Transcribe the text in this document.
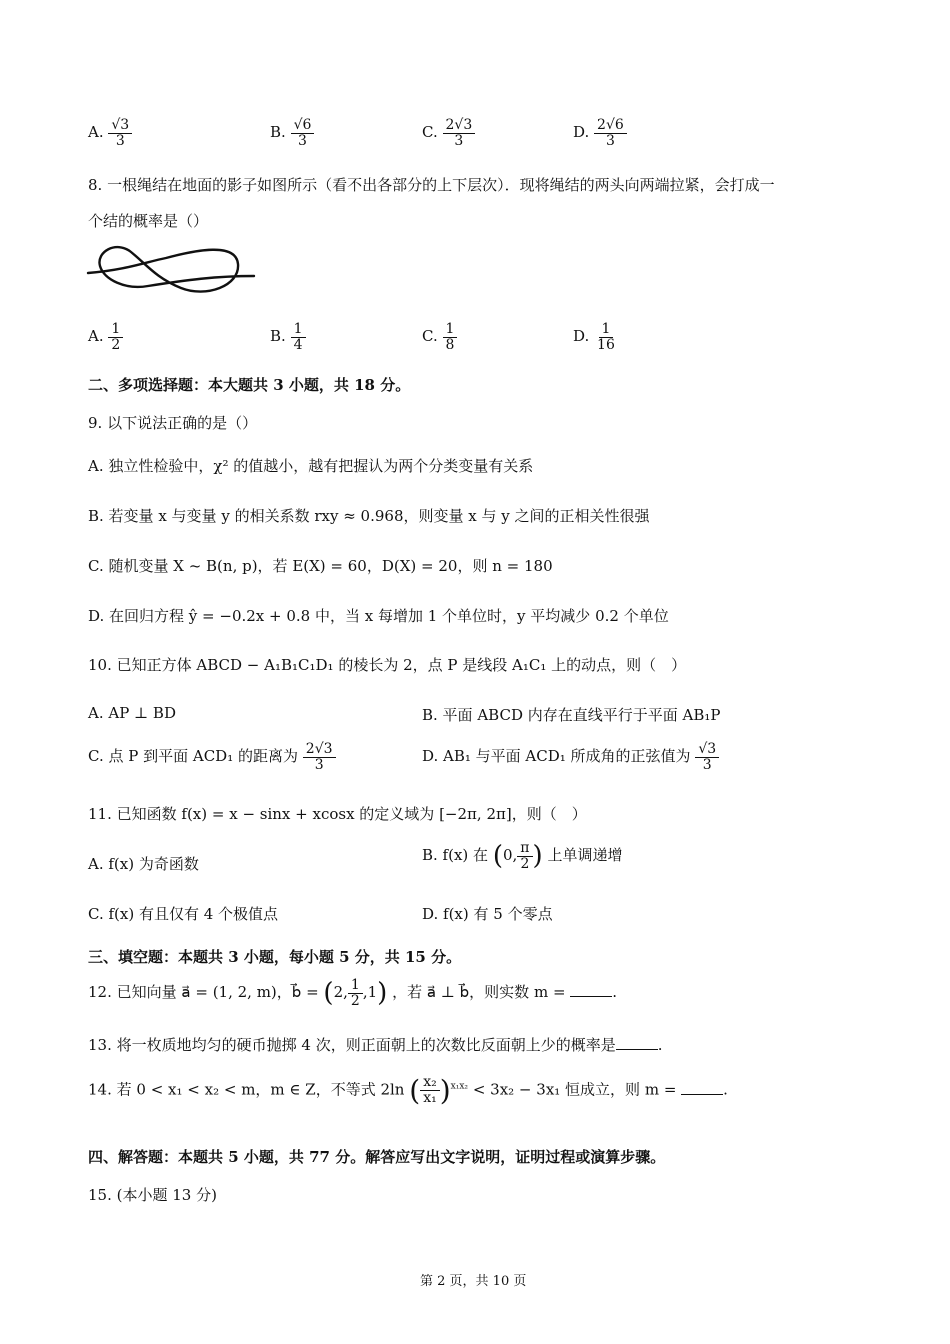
A. $\frac{√3}{3}$	B. $\frac{√6}{3}$	C. $\frac{2√3}{3}$	D. $\frac{2√6}{3}$
8. 一根绳结在地面的影子如图所示（看不出各部分的上下层次）．现将绳结的两头向两端拉紧，会打成一
个结的概率是（）
A. $\frac{1}{2}$	B. $\frac{1}{4}$	C. $\frac{1}{8}$	D. $\frac{1}{16}$
二、多项选择题：本大题共 3 小题，共 18 分。
9. 以下说法正确的是（）
A. 独立性检验中，χ² 的值越小，越有把握认为两个分类变量有关系
B. 若变量 x 与变量 y 的相关系数 rxy ≈ 0.968，则变量 x 与 y 之间的正相关性很强
C. 随机变量 X ~ B(n, p)，若 E(X) = 60，D(X) = 20，则 n = 180
D. 在回归方程 ŷ = −0.2x + 0.8 中，当 x 每增加 1 个单位时，y 平均减少 0.2 个单位
10. 已知正方体 ABCD − A₁B₁C₁D₁ 的棱长为 2，点 P 是线段 A₁C₁ 上的动点，则（　）
A. AP ⊥ BD	B. 平面 ABCD 内存在直线平行于平面 AB₁P
C. 点 P 到平面 ACD₁ 的距离为 $\frac{2√3}{3}$	D. AB₁ 与平面 ACD₁ 所成角的正弦值为 $\frac{√3}{3}$
11. 已知函数 f(x) = x − sinx + xcosx 的定义域为 [−2π, 2π]，则（　）
A. f(x) 为奇函数	B. f(x) 在 (0, $\frac{\pi}{2}$ ) 上单调递增
C. f(x) 有且仅有 4 个极值点	D. f(x) 有 5 个零点
三、填空题：本题共 3 小题，每小题 5 分，共 15 分。
12. 已知向量 a⃗ = (1, 2, m)，b⃗ = (2, $\frac{1}{2} ,1$) ，若 a⃗ ⊥ b⃗，则实数 m =	.
13. 将一枚质地均匀的硬币抛掷 4 次，则正面朝上的次数比反面朝上少的概率是	.
14. 若 0 < x₁ < x₂ < m，m ∈ Z，不等式 2ln ( $\frac{\text{x₂}}{\text{x₁}} )^{x_1x_2} < 3x_2 - 3x_1$ 恒成立，则 m =	.
四、解答题：本题共 5 小题，共 77 分。解答应写出文字说明，证明过程或演算步骤。
15. (本小题 13 分)
第 2 页，共 10 页
